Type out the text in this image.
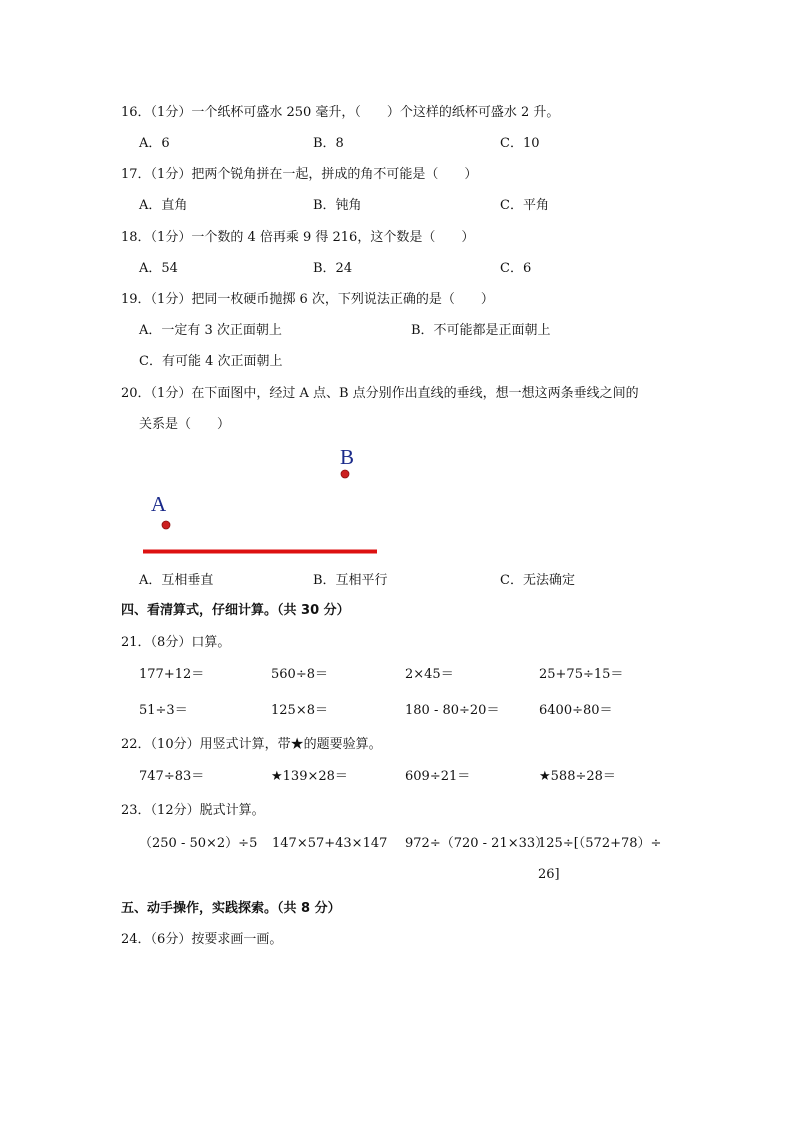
16．（1分）一个纸杯可盛水 250 毫升，（　　）个这样的纸杯可盛水 2 升。
A．6	B．8	C．10
17．（1分）把两个锐角拼在一起，拼成的角不可能是（　　）
A．直角	B．钝角	C．平角
18．（1分）一个数的 4 倍再乘 9 得 216，这个数是（　　）
A．54	B．24	C．6
19．（1分）把同一枚硬币抛掷 6 次，下列说法正确的是（　　）
A．一定有 3 次正面朝上	B．不可能都是正面朝上
C．有可能 4 次正面朝上
20．（1分）在下面图中，经过 A 点、B 点分别作出直线的垂线，想一想这两条垂线之间的
关系是（　　）
A
B
A．互相垂直	B．互相平行	C．无法确定
四、看清算式，仔细计算。（共 30 分）
21．（8分）口算。
177+12＝	560÷8＝	2×45＝	25+75÷15＝
51÷3＝	125×8＝	180 - 80÷20＝	6400÷80＝
22．（10分）用竖式计算，带★的题要验算。
747÷83＝	★139×28＝	609÷21＝	★588÷28＝
23．（12分）脱式计算。
（250 - 50×2）÷5 147×57+43×147 972÷（720 - 21×33）
125÷[（572+78）÷
26]
五、动手操作，实践探索。（共 8 分）
24．（6分）按要求画一画。
